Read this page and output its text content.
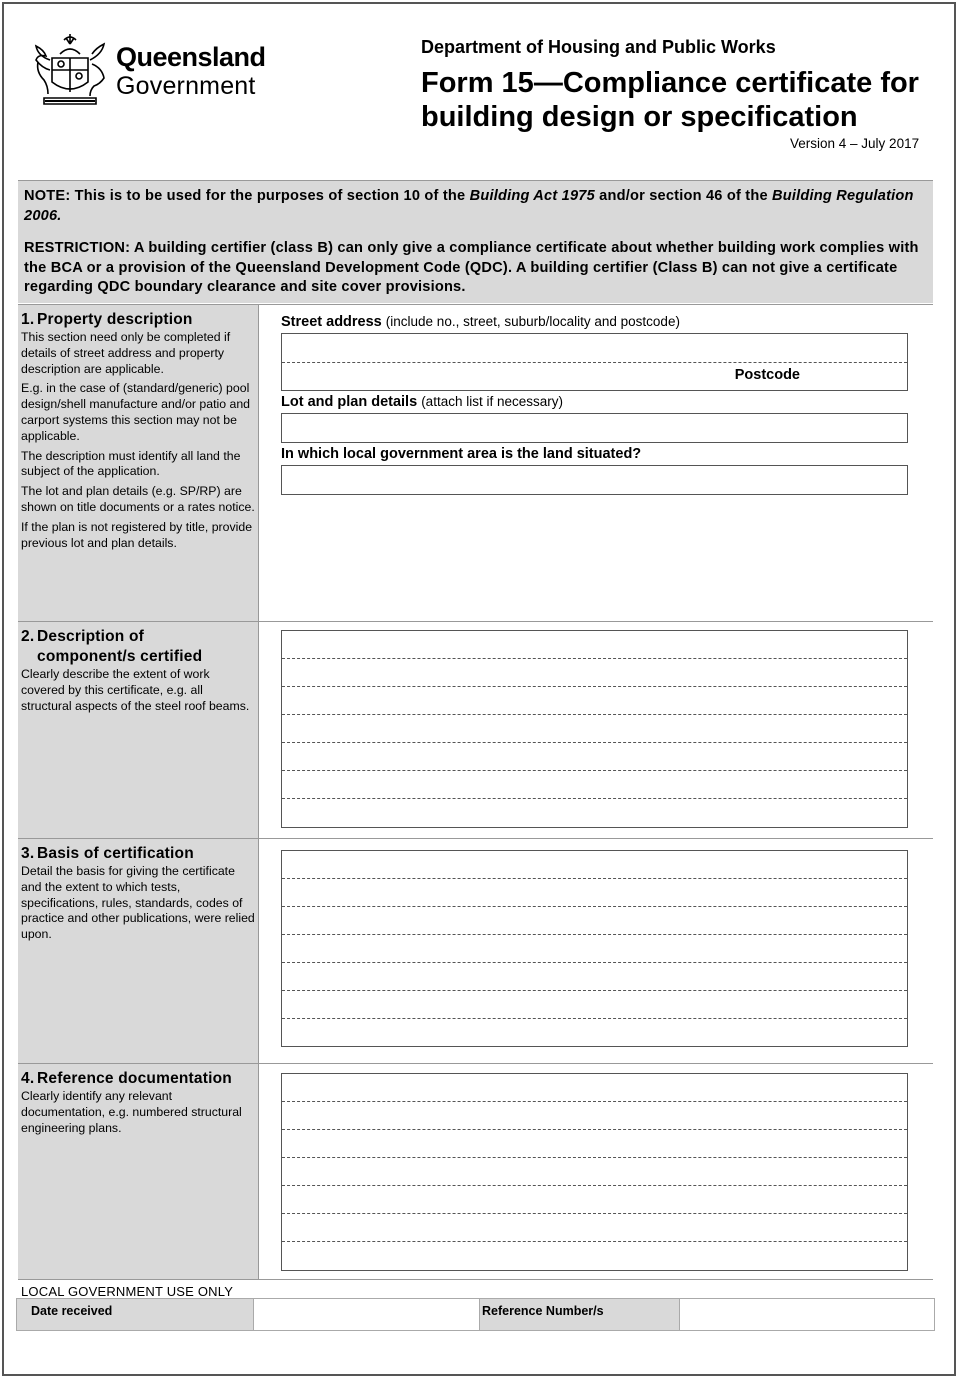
Queensland
Government
Department of Housing and Public Works
Form 15—Compliance certificate for building design or specification
Version 4 – July 2017

NOTE: This is to be used for the purposes of section 10 of the Building Act 1975 and/or section 46 of the Building Regulation 2006.

RESTRICTION: A building certifier (class B) can only give a compliance certificate about whether building work complies with the BCA or a provision of the Queensland Development Code (QDC). A building certifier (Class B) can not give a certificate regarding QDC boundary clearance and site cover provisions.

1. Property description

This section need only be completed if details of street address and property description are applicable.

E.g. in the case of (standard/generic) pool design/shell manufacture and/or patio and carport systems this section may not be applicable.

The description must identify all land the subject of the application.

The lot and plan details (e.g. SP/RP) are shown on title documents or a rates notice.

If the plan is not registered by title, provide previous lot and plan details.

Street address (include no., street, suburb/locality and postcode)
Postcode
Lot and plan details (attach list if necessary)
In which local government area is the land situated?
2. Description of
component/s certified

Clearly describe the extent of work covered by this certificate, e.g. all structural aspects of the steel roof beams.

3. Basis of certification

Detail the basis for giving the certificate and the extent to which tests, specifications, rules, standards, codes of practice and other publications, were relied upon.

4. Reference documentation

Clearly identify any relevant documentation, e.g. numbered structural engineering plans.

LOCAL GOVERNMENT USE ONLY
Date received	Reference Number/s
